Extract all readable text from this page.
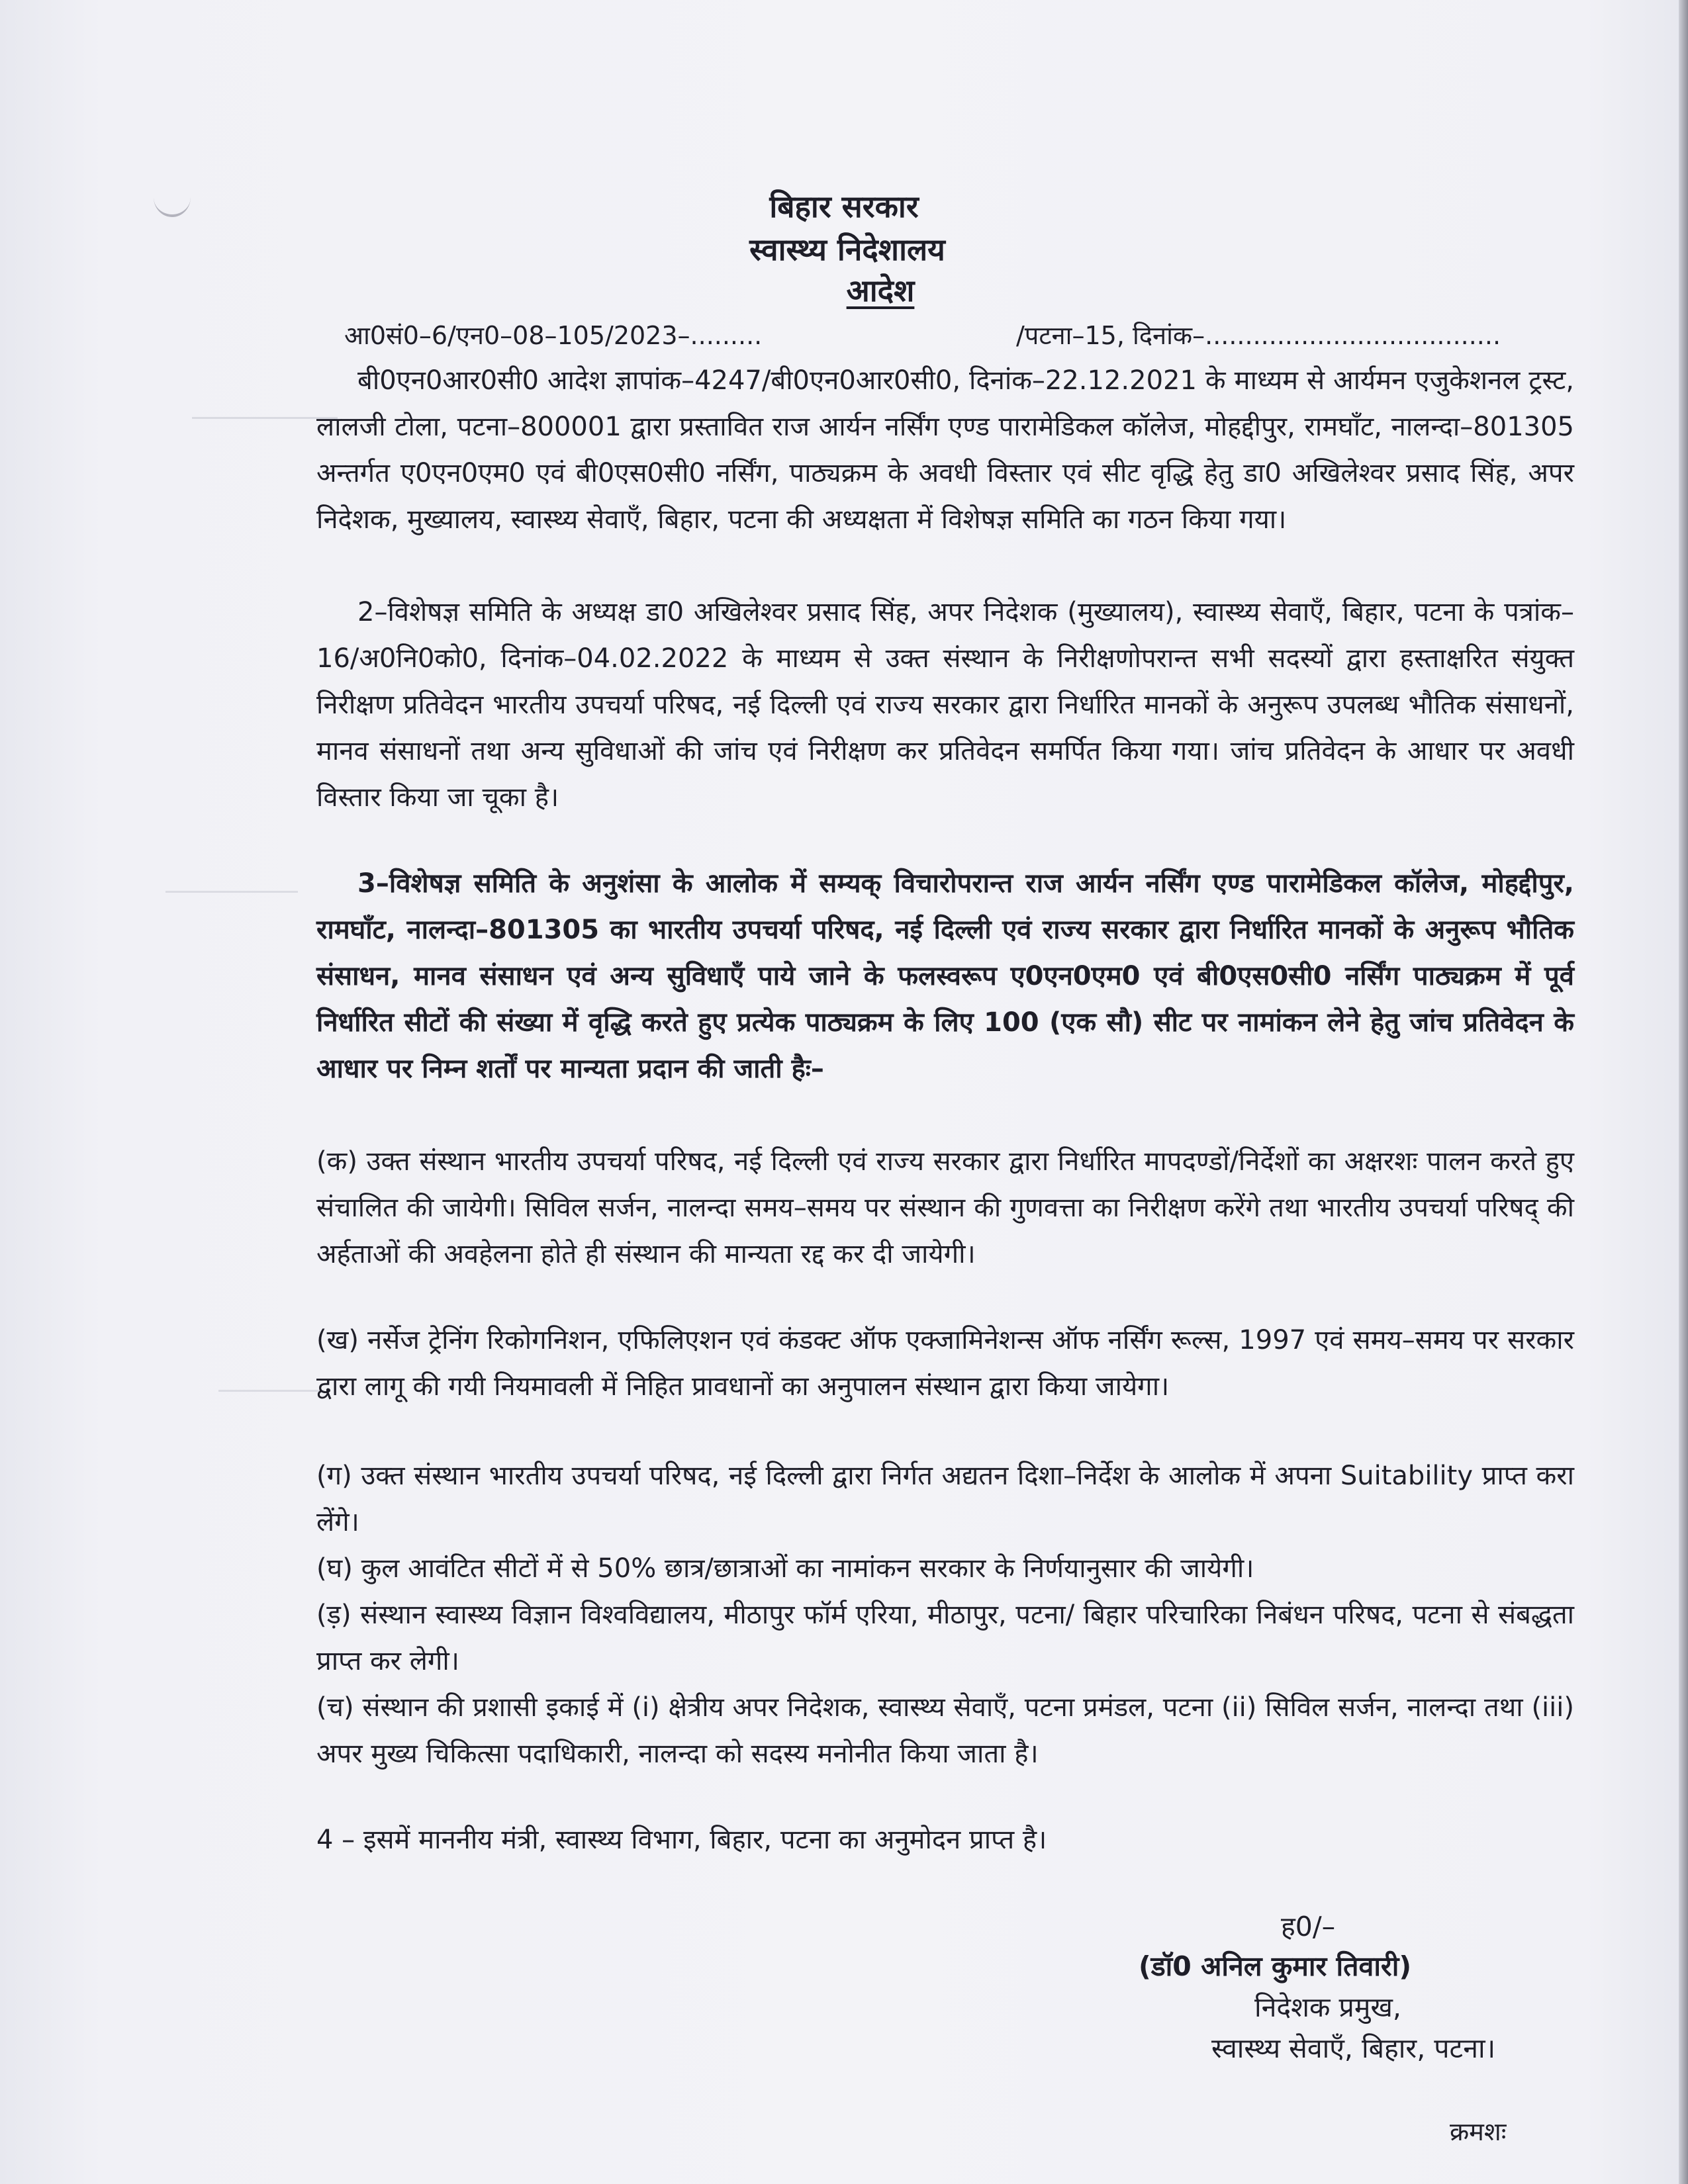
बिहार सरकार
स्वास्थ्य निदेशालय
आदेश
आ0सं0–6/एन0–08–105/2023–.........	/पटना–15, दिनांक–.....................................

बी0एन0आर0सी0 आदेश ज्ञापांक–4247/बी0एन0आर0सी0, दिनांक–22.12.2021 के माध्यम से आर्यमन एजुकेशनल ट्रस्ट, लालजी टोला, पटना–800001 द्वारा प्रस्तावित राज आर्यन नर्सिंग एण्ड पारामेडिकल कॉलेज, मोहद्दीपुर, रामघाँट, नालन्दा–801305 अन्तर्गत ए0एन0एम0 एवं बी0एस0सी0 नर्सिंग, पाठ्यक्रम के अवधी विस्तार एवं सीट वृद्धि हेतु डा0 अखिलेश्वर प्रसाद सिंह, अपर निदेशक, मुख्यालय, स्वास्थ्य सेवाएँ, बिहार, पटना की अध्यक्षता में विशेषज्ञ समिति का गठन किया गया।

2–विशेषज्ञ समिति के अध्यक्ष डा0 अखिलेश्वर प्रसाद सिंह, अपर निदेशक (मुख्यालय), स्वास्थ्य सेवाएँ, बिहार, पटना के पत्रांक–16/अ0नि0को0, दिनांक–04.02.2022 के माध्यम से उक्त संस्थान के निरीक्षणोपरान्त सभी सदस्यों द्वारा हस्ताक्षरित संयुक्त निरीक्षण प्रतिवेदन भारतीय उपचर्या परिषद, नई दिल्ली एवं राज्य सरकार द्वारा निर्धारित मानकों के अनुरूप उपलब्ध भौतिक संसाधनों, मानव संसाधनों तथा अन्य सुविधाओं की जांच एवं निरीक्षण कर प्रतिवेदन समर्पित किया गया। जांच प्रतिवेदन के आधार पर अवधी विस्तार किया जा चूका है।

3–विशेषज्ञ समिति के अनुशंसा के आलोक में सम्यक् विचारोपरान्त राज आर्यन नर्सिंग एण्ड पारामेडिकल कॉलेज, मोहद्दीपुर, रामघाँट, नालन्दा–801305 का भारतीय उपचर्या परिषद, नई दिल्ली एवं राज्य सरकार द्वारा निर्धारित मानकों के अनुरूप भौतिक संसाधन, मानव संसाधन एवं अन्य सुविधाएँ पाये जाने के फलस्वरूप ए0एन0एम0 एवं बी0एस0सी0 नर्सिंग पाठ्यक्रम में पूर्व निर्धारित सीटों की संख्या में वृद्धि करते हुए प्रत्येक पाठ्यक्रम के लिए 100 (एक सौ) सीट पर नामांकन लेने हेतु जांच प्रतिवेदन के आधार पर निम्न शर्तों पर मान्यता प्रदान की जाती हैः–

(क) उक्त संस्थान भारतीय उपचर्या परिषद, नई दिल्ली एवं राज्य सरकार द्वारा निर्धारित मापदण्डों/निर्देशों का अक्षरशः पालन करते हुए संचालित की जायेगी। सिविल सर्जन, नालन्दा समय–समय पर संस्थान की गुणवत्ता का निरीक्षण करेंगे तथा भारतीय उपचर्या परिषद् की अर्हताओं की अवहेलना होते ही संस्थान की मान्यता रद्द कर दी जायेगी।

(ख) नर्सेज ट्रेनिंग रिकोगनिशन, एफिलिएशन एवं कंडक्ट ऑफ एक्जामिनेशन्स ऑफ नर्सिंग रूल्स, 1997 एवं समय–समय पर सरकार द्वारा लागू की गयी नियमावली में निहित प्रावधानों का अनुपालन संस्थान द्वारा किया जायेगा।

(ग) उक्त संस्थान भारतीय उपचर्या परिषद, नई दिल्ली द्वारा निर्गत अद्यतन दिशा–निर्देश के आलोक में अपना Suitability प्राप्त करा लेंगे।

(घ) कुल आवंटित सीटों में से 50% छात्र/छात्राओं का नामांकन सरकार के निर्णयानुसार की जायेगी।

(ड़) संस्थान स्वास्थ्य विज्ञान विश्वविद्यालय, मीठापुर फॉर्म एरिया, मीठापुर, पटना/ बिहार परिचारिका निबंधन परिषद, पटना से संबद्धता प्राप्त कर लेगी।

(च) संस्थान की प्रशासी इकाई में (i) क्षेत्रीय अपर निदेशक, स्वास्थ्य सेवाएँ, पटना प्रमंडल, पटना (ii) सिविल सर्जन, नालन्दा तथा (iii) अपर मुख्य चिकित्सा पदाधिकारी, नालन्दा को सदस्य मनोनीत किया जाता है।

4 – इसमें माननीय मंत्री, स्वास्थ्य विभाग, बिहार, पटना का अनुमोदन प्राप्त है।

ह0/–
(डॉ0 अनिल कुमार तिवारी)
निदेशक प्रमुख,
स्वास्थ्य सेवाएँ, बिहार, पटना।
क्रमशः
